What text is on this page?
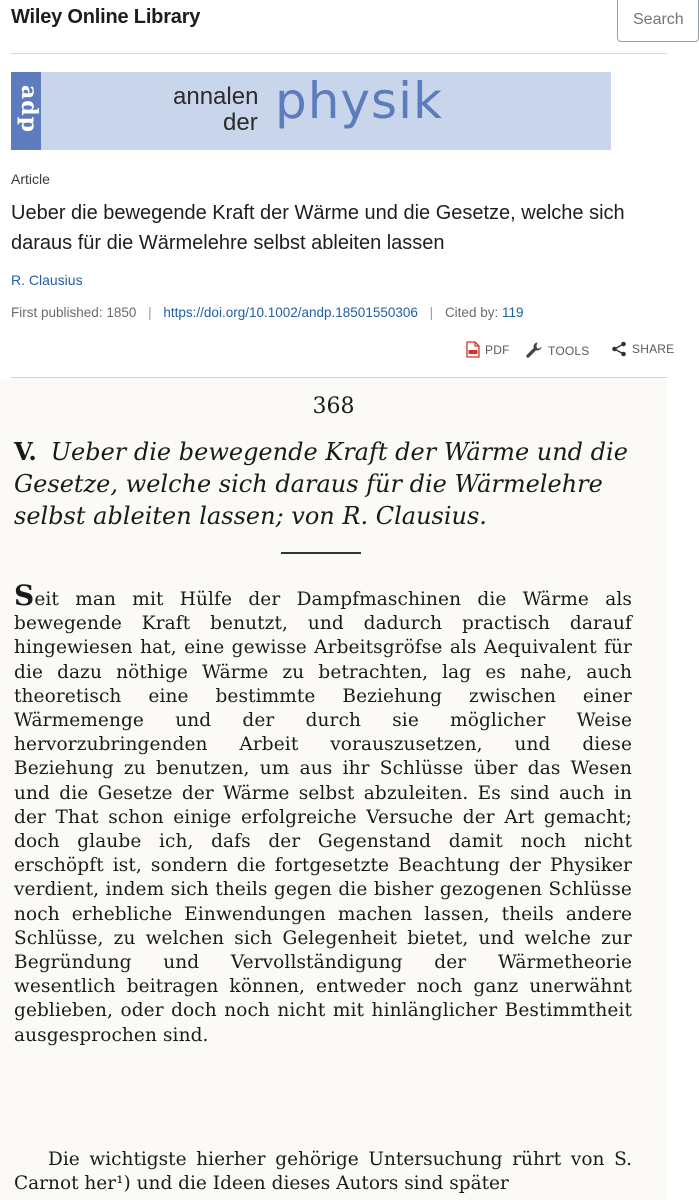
Wiley Online Library
Search
adp	annalen
der physik
Article
Ueber die bewegende Kraft der Wärme und die Gesetze, welche sich daraus für die Wärmelehre selbst ableiten lassen
R. Clausius
First published: 1850 | https://doi.org/10.1002/andp.18501550306 | Cited by: 119
PDF	TOOLS	SHARE
368
V. Ueber die bewegende Kraft der Wärme und die Gesetze, welche sich daraus für die Wärmelehre selbst ableiten lassen; von R. Clausius.

Seit man mit Hülfe der Dampfmaschinen die Wärme als bewegende Kraft benutzt, und dadurch practisch darauf hingewiesen hat, eine gewisse Arbeitsgröfse als Aequivalent für die dazu nöthige Wärme zu betrachten, lag es nahe, auch theoretisch eine bestimmte Beziehung zwischen einer Wärmemenge und der durch sie möglicher Weise hervorzubringenden Arbeit vorauszusetzen, und diese Beziehung zu benutzen, um aus ihr Schlüsse über das Wesen und die Gesetze der Wärme selbst abzuleiten. Es sind auch in der That schon einige erfolgreiche Versuche der Art gemacht; doch glaube ich, dafs der Gegenstand damit noch nicht erschöpft ist, sondern die fortgesetzte Beachtung der Physiker verdient, indem sich theils gegen die bisher gezogenen Schlüsse noch erhebliche Einwendungen machen lassen, theils andere Schlüsse, zu welchen sich Gelegenheit bietet, und welche zur Begründung und Vervollständigung der Wärmetheorie wesentlich beitragen können, entweder noch ganz unerwähnt geblieben, oder doch noch nicht mit hinlänglicher Bestimmtheit ausgesprochen sind.

Die wichtigste hierher gehörige Untersuchung rührt von S. Carnot her¹) und die Ideen dieses Autors sind später
